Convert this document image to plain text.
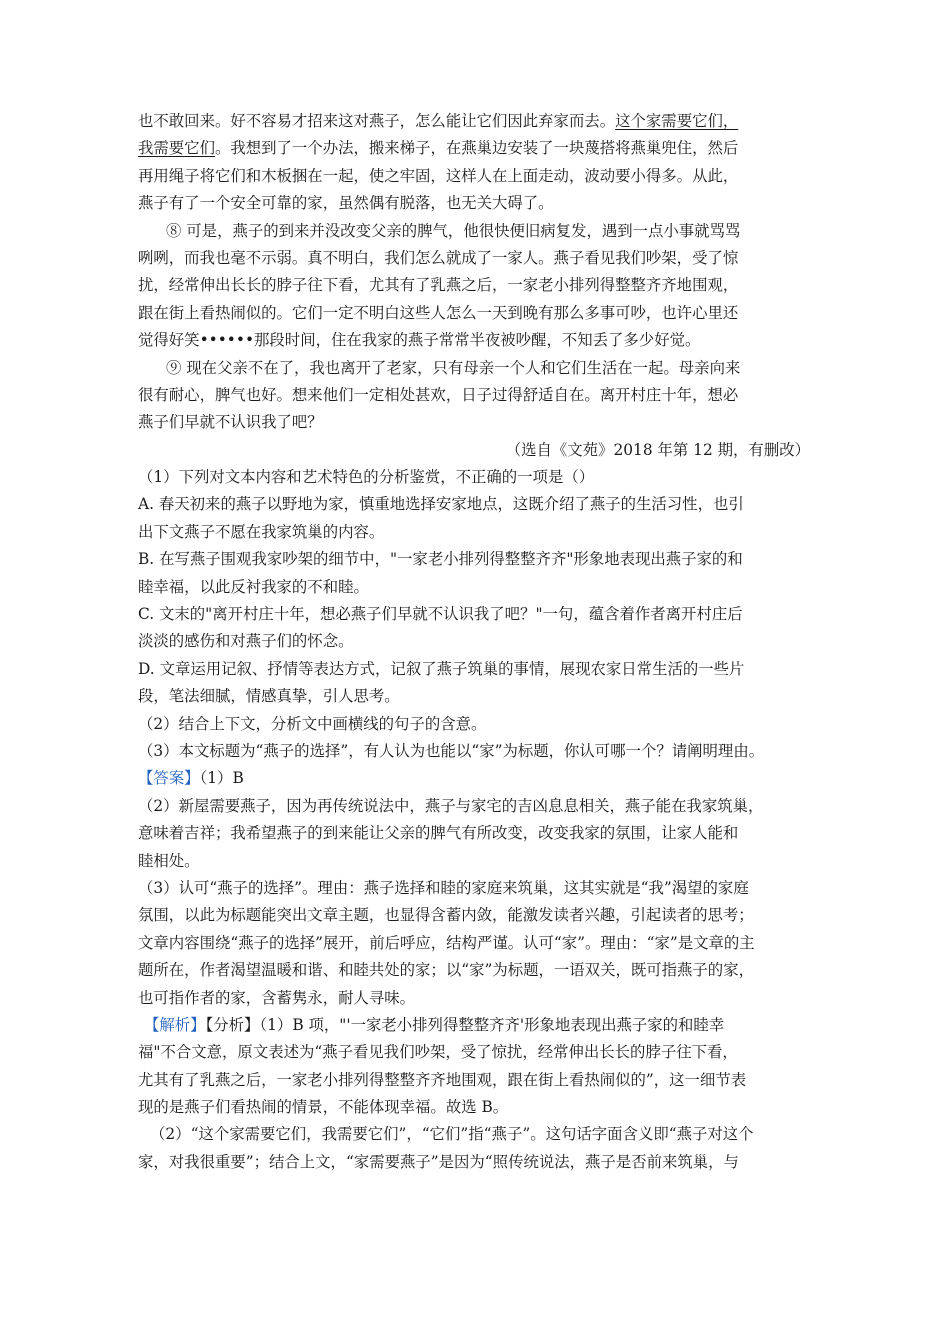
也不敢回来。好不容易才招来这对燕子，怎么能让它们因此弃家而去。这个家需要它们，
我需要它们。我想到了一个办法，搬来梯子，在燕巢边安装了一块蔑搭将燕巢兜住，然后
再用绳子将它们和木板捆在一起，使之牢固，这样人在上面走动，波动要小得多。从此，
燕子有了一个安全可靠的家，虽然偶有脱落，也无关大碍了。
⑧ 可是，燕子的到来并没改变父亲的脾气，他很快便旧病复发，遇到一点小事就骂骂
咧咧，而我也毫不示弱。真不明白，我们怎么就成了一家人。燕子看见我们吵架，受了惊
扰，经常伸出长长的脖子往下看，尤其有了乳燕之后，一家老小排列得整整齐齐地围观，
跟在街上看热闹似的。它们一定不明白这些人怎么一天到晚有那么多事可吵，也许心里还
觉得好笑••••••那段时间，住在我家的燕子常常半夜被吵醒，不知丢了多少好觉。
⑨ 现在父亲不在了，我也离开了老家，只有母亲一个人和它们生活在一起。母亲向来
很有耐心，脾气也好。想来他们一定相处甚欢，日子过得舒适自在。离开村庄十年，想必
燕子们早就不认识我了吧？
（选自《文苑》2018 年第 12 期，有删改）
（1）下列对文本内容和艺术特色的分析鉴赏，不正确的一项是（）
A. 春天初来的燕子以野地为家，慎重地选择安家地点，这既介绍了燕子的生活习性，也引
出下文燕子不愿在我家筑巢的内容。
B. 在写燕子围观我家吵架的细节中，"一家老小排列得整整齐齐"形象地表现出燕子家的和
睦幸福，以此反衬我家的不和睦。
C. 文末的"离开村庄十年，想必燕子们早就不认识我了吧？"一句，蕴含着作者离开村庄后
淡淡的感伤和对燕子们的怀念。
D. 文章运用记叙、抒情等表达方式，记叙了燕子筑巢的事情，展现农家日常生活的一些片
段，笔法细腻，情感真挚，引人思考。
（2）结合上下文，分析文中画横线的句子的含意。
（3）本文标题为“燕子的选择”，有人认为也能以“家”为标题，你认可哪一个？请阐明理由。
【答案】（1）B
（2）新屋需要燕子，因为再传统说法中，燕子与家宅的吉凶息息相关，燕子能在我家筑巢，
意味着吉祥；我希望燕子的到来能让父亲的脾气有所改变，改变我家的氛围，让家人能和
睦相处。
（3）认可“燕子的选择”。理由：燕子选择和睦的家庭来筑巢，这其实就是“我”渴望的家庭
氛围，以此为标题能突出文章主题，也显得含蓄内敛，能激发读者兴趣，引起读者的思考；
文章内容围绕“燕子的选择”展开，前后呼应，结构严谨。认可“家”。理由：“家”是文章的主
题所在，作者渴望温暖和谐、和睦共处的家；以“家”为标题，一语双关，既可指燕子的家，
也可指作者的家，含蓄隽永，耐人寻味。
【解析】【分析】（1）B 项，"'一家老小排列得整整齐齐'形象地表现出燕子家的和睦幸
福"不合文意，原文表述为“燕子看见我们吵架，受了惊扰，经常伸出长长的脖子往下看，
尤其有了乳燕之后，一家老小排列得整整齐齐地围观，跟在街上看热闹似的”，这一细节表
现的是燕子们看热闹的情景，不能体现幸福。故选 B。
（2）“这个家需要它们，我需要它们”，“它们”指“燕子”。这句话字面含义即“燕子对这个
家，对我很重要”；结合上文，“家需要燕子”是因为“照传统说法，燕子是否前来筑巢，与
